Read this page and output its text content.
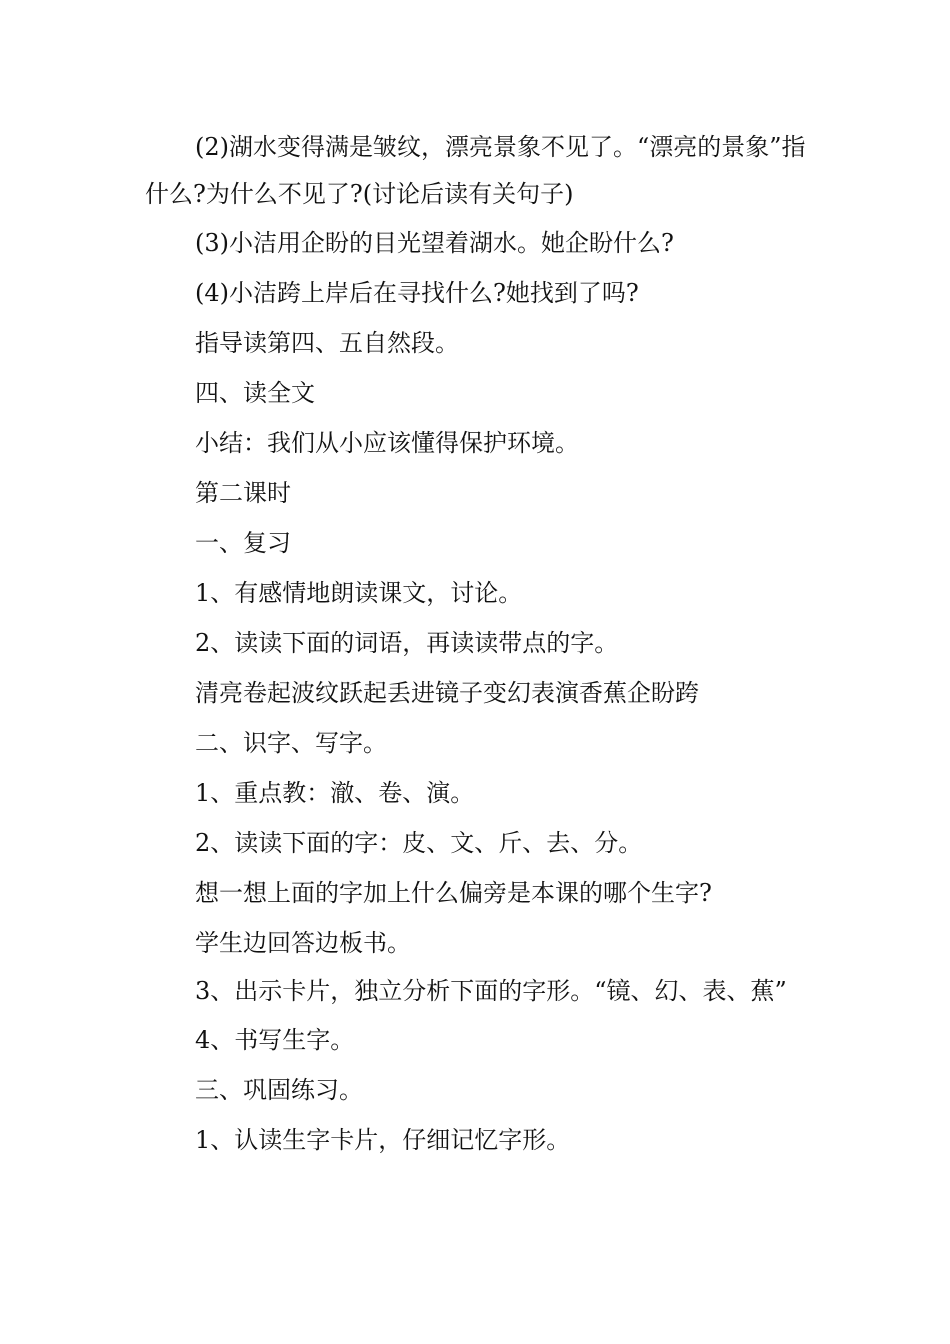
(2)湖水变得满是皱纹，漂亮景象不见了。“漂亮的景象”指什么?为什么不见了?(讨论后读有关句子)

(3)小洁用企盼的目光望着湖水。她企盼什么?

(4)小洁跨上岸后在寻找什么?她找到了吗?

指导读第四、五自然段。

四、读全文

小结：我们从小应该懂得保护环境。

第二课时

一、复习

1、有感情地朗读课文，讨论。

2、读读下面的词语，再读读带点的字。

清亮卷起波纹跃起丢进镜子变幻表演香蕉企盼跨

二、识字、写字。

1、重点教：澈、卷、演。

2、读读下面的字：皮、文、斤、去、分。

想一想上面的字加上什么偏旁是本课的哪个生字?

学生边回答边板书。

3、出示卡片，独立分析下面的字形。“镜、幻、表、蕉”

4、书写生字。

三、巩固练习。

1、认读生字卡片，仔细记忆字形。
